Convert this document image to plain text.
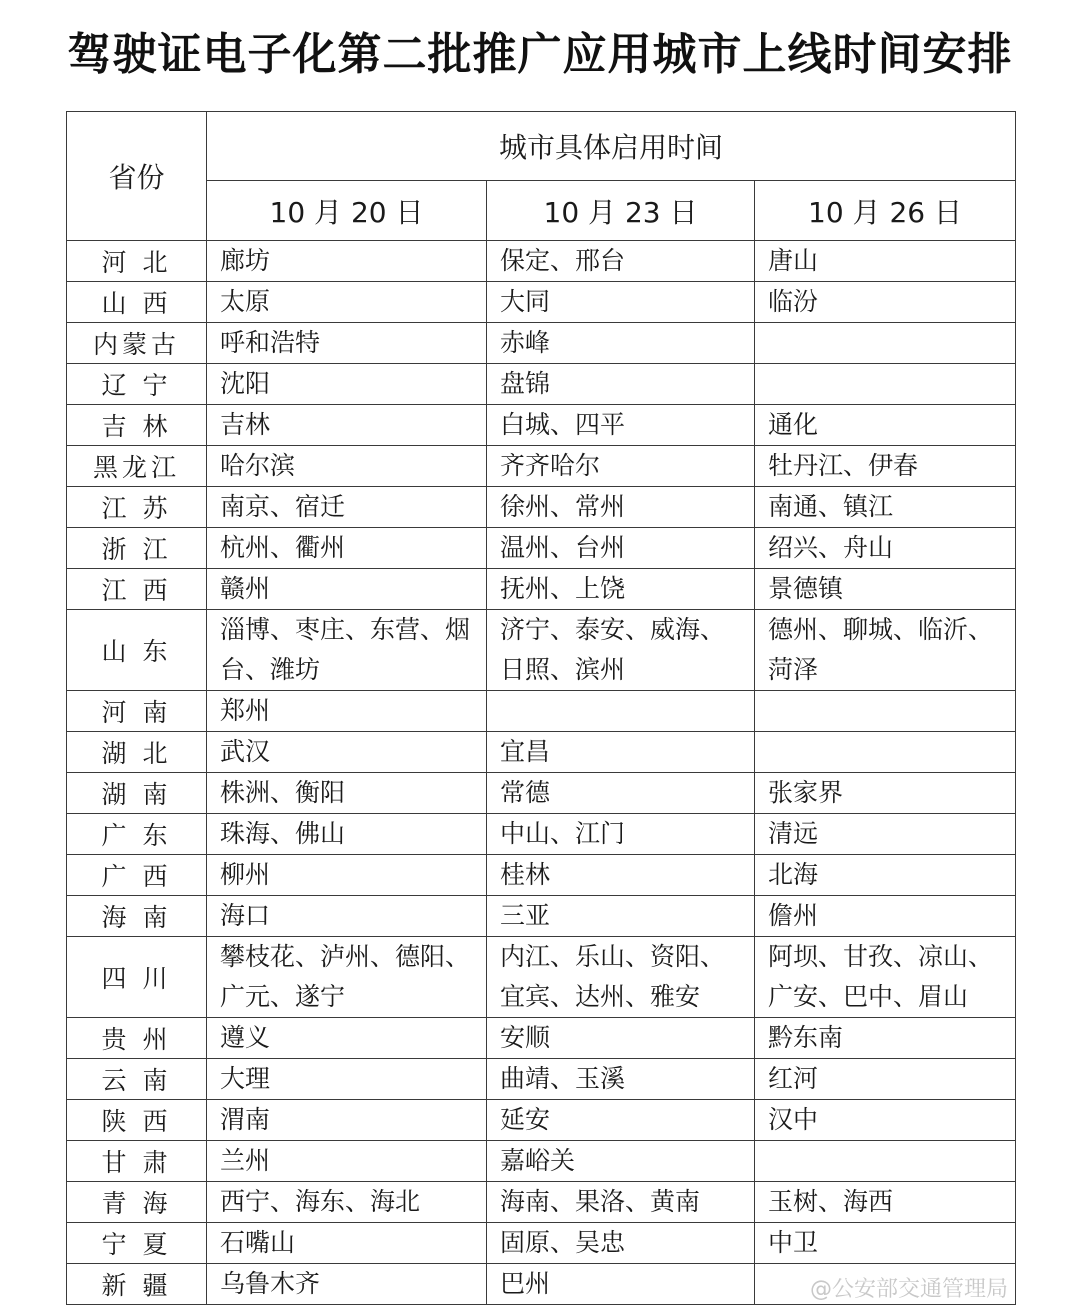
驾驶证电子化第二批推广应用城市上线时间安排
省份	城市具体启用时间		
	10 月 20 日	10 月 23 日	10 月 26 日
河 北	廊坊	保定、邢台	唐山
山 西	太原	大同	临汾
内蒙古	呼和浩特	赤峰	
辽 宁	沈阳	盘锦	
吉 林	吉林	白城、四平	通化
黑龙江	哈尔滨	齐齐哈尔	牡丹江、伊春
江 苏	南京、宿迁	徐州、常州	南通、镇江
浙 江	杭州、衢州	温州、台州	绍兴、舟山
江 西	赣州	抚州、上饶	景德镇
山 东	淄博、枣庄、东营、烟台、潍坊	济宁、泰安、威海、日照、滨州	德州、聊城、临沂、菏泽
河 南	郑州		
湖 北	武汉	宜昌	
湖 南	株洲、衡阳	常德	张家界
广 东	珠海、佛山	中山、江门	清远
广 西	柳州	桂林	北海
海 南	海口	三亚	儋州
四 川	攀枝花、泸州、德阳、广元、遂宁	内江、乐山、资阳、宜宾、达州、雅安	阿坝、甘孜、凉山、广安、巴中、眉山
贵 州	遵义	安顺	黔东南
云 南	大理	曲靖、玉溪	红河
陕 西	渭南	延安	汉中
甘 肃	兰州	嘉峪关	
青 海	西宁、海东、海北	海南、果洛、黄南	玉树、海西
宁 夏	石嘴山	固原、吴忠	中卫
新 疆	乌鲁木齐	巴州		@公安部交通管理局
